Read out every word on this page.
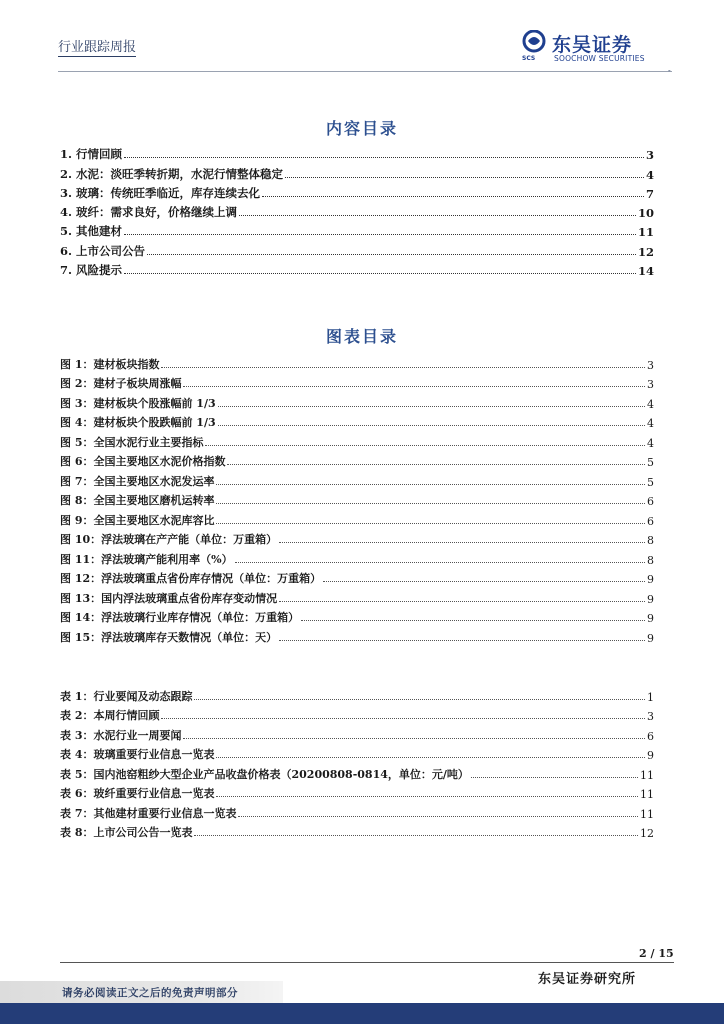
行业跟踪周报	东吴证券
SOOCHOW SECURITIES
SCS
-
内容目录
1. 行情回顾	3
2. 水泥：淡旺季转折期，水泥行情整体稳定	4
3. 玻璃：传统旺季临近，库存连续去化	7
4. 玻纤：需求良好，价格继续上调	10
5. 其他建材	11
6. 上市公司公告	12
7. 风险提示	14
图表目录
图 1：建材板块指数	3
图 2：建材子板块周涨幅	3
图 3：建材板块个股涨幅前 1/3	4
图 4：建材板块个股跌幅前 1/3	4
图 5：全国水泥行业主要指标	4
图 6：全国主要地区水泥价格指数	5
图 7：全国主要地区水泥发运率	5
图 8：全国主要地区磨机运转率	6
图 9：全国主要地区水泥库容比	6
图 10：浮法玻璃在产产能（单位：万重箱）	8
图 11：浮法玻璃产能利用率（%）	8
图 12：浮法玻璃重点省份库存情况（单位：万重箱）	9
图 13：国内浮法玻璃重点省份库存变动情况	9
图 14：浮法玻璃行业库存情况（单位：万重箱）	9
图 15：浮法玻璃库存天数情况（单位：天）	9
表 1：行业要闻及动态跟踪	1
表 2：本周行情回顾	3
表 3：水泥行业一周要闻	6
表 4：玻璃重要行业信息一览表	9
表 5：国内池窑粗纱大型企业产品收盘价格表（20200808-0814，单位：元/吨）	11
表 6：玻纤重要行业信息一览表	11
表 7：其他建材重要行业信息一览表	11
表 8：上市公司公告一览表	12
2 / 15
东吴证券研究所
请务必阅读正文之后的免责声明部分
